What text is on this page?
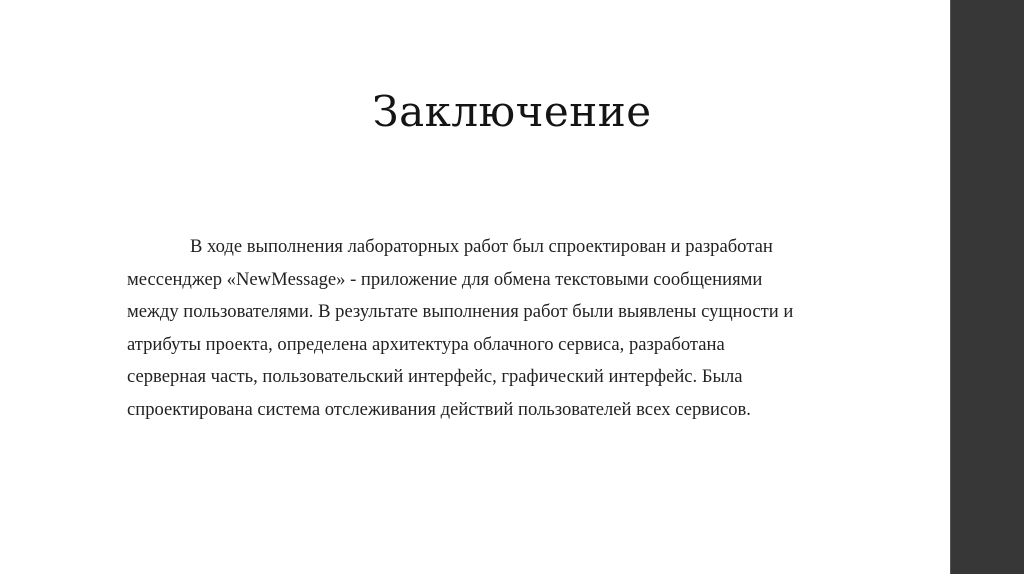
Заключение
В ходе выполнения лабораторных работ был спроектирован и разработан
мессенджер «NewMessage» - приложение для обмена текстовыми сообщениями
между пользователями. В результате выполнения работ были выявлены сущности и
атрибуты проекта, определена архитектура облачного сервиса, разработана
серверная часть, пользовательский интерфейс, графический интерфейс. Была
спроектирована система отслеживания действий пользователей всех сервисов.
